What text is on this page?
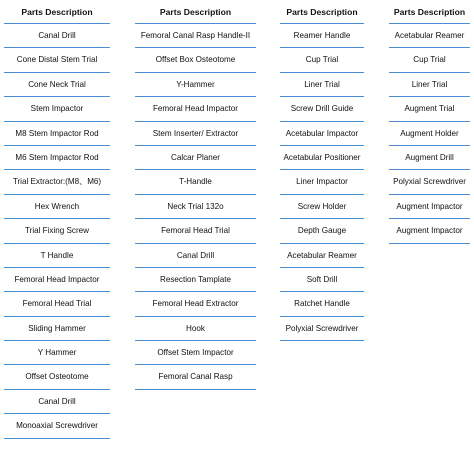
Parts Description
Canal Drill
Cone Distal Stem Trial
Cone Neck Trial
Stem Impactor
M8 Stem Impactor Rod
M6 Stem Impactor Rod
Trial Extractor:(M8、M6)
Hex Wrench
Trial Fixing Screw
T Handle
Femoral Head Impactor
Femoral Head Trial
Sliding Hammer
Y Hammer
Offset Osteotome
Canal Drill
Monoaxial Screwdriver
Parts Description
Femoral Canal Rasp Handle-II
Offset Box Osteotome
Y-Hammer
Femoral Head Impactor
Stem Inserter/ Extractor
Calcar Planer
T-Handle
Neck Trial 132o
Femoral Head Trial
Canal Drill
Resection Tamplate
Femoral Head Extractor
Hook
Offset Stem Impactor
Femoral Canal Rasp
Parts Description
Reamer Handle
Cup Trial
Liner Trial
Screw Drill Guide
Acetabular Impactor
Acetabular Positioner
Liner Impactor
Screw Holder
Depth Gauge
Acetabular Reamer
Soft Drill
Ratchet Handle
Polyxial Screwdriver
Parts Description
Acetabular Reamer
Cup Trial
Liner Trial
Augment Trial
Augment Holder
Augment Drill
Polyxial Screwdriver
Augment Impactor
Augment Impactor
